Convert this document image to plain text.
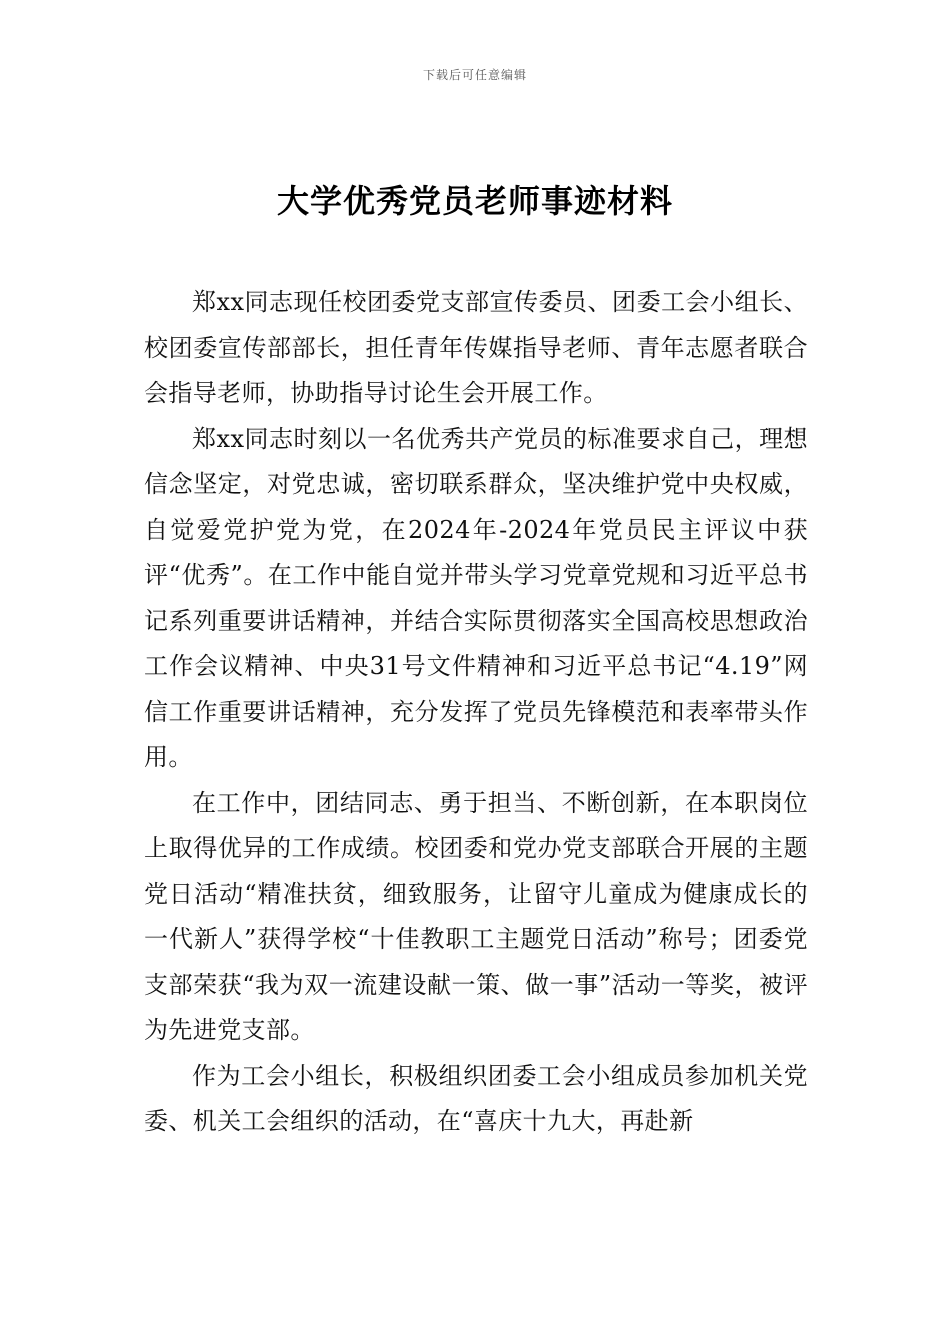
下载后可任意编辑
大学优秀党员老师事迹材料

郑xx同志现任校团委党支部宣传委员、团委工会小组长、校团委宣传部部长，担任青年传媒指导老师、青年志愿者联合会指导老师，协助指导讨论生会开展工作。

郑xx同志时刻以一名优秀共产党员的标准要求自己，理想信念坚定，对党忠诚，密切联系群众，坚决维护党中央权威，自觉爱党护党为党，在2024年-2024年党员民主评议中获评“优秀”。在工作中能自觉并带头学习党章党规和习近平总书记系列重要讲话精神，并结合实际贯彻落实全国高校思想政治工作会议精神、中央31号文件精神和习近平总书记“4.19”网信工作重要讲话精神，充分发挥了党员先锋模范和表率带头作用。

在工作中，团结同志、勇于担当、不断创新，在本职岗位上取得优异的工作成绩。校团委和党办党支部联合开展的主题党日活动“精准扶贫，细致服务，让留守儿童成为健康成长的一代新人”获得学校“十佳教职工主题党日活动”称号；团委党支部荣获“我为双一流建设献一策、做一事”活动一等奖，被评为先进党支部。

作为工会小组长，积极组织团委工会小组成员参加机关党委、机关工会组织的活动，在“喜庆十九大，再赴新
